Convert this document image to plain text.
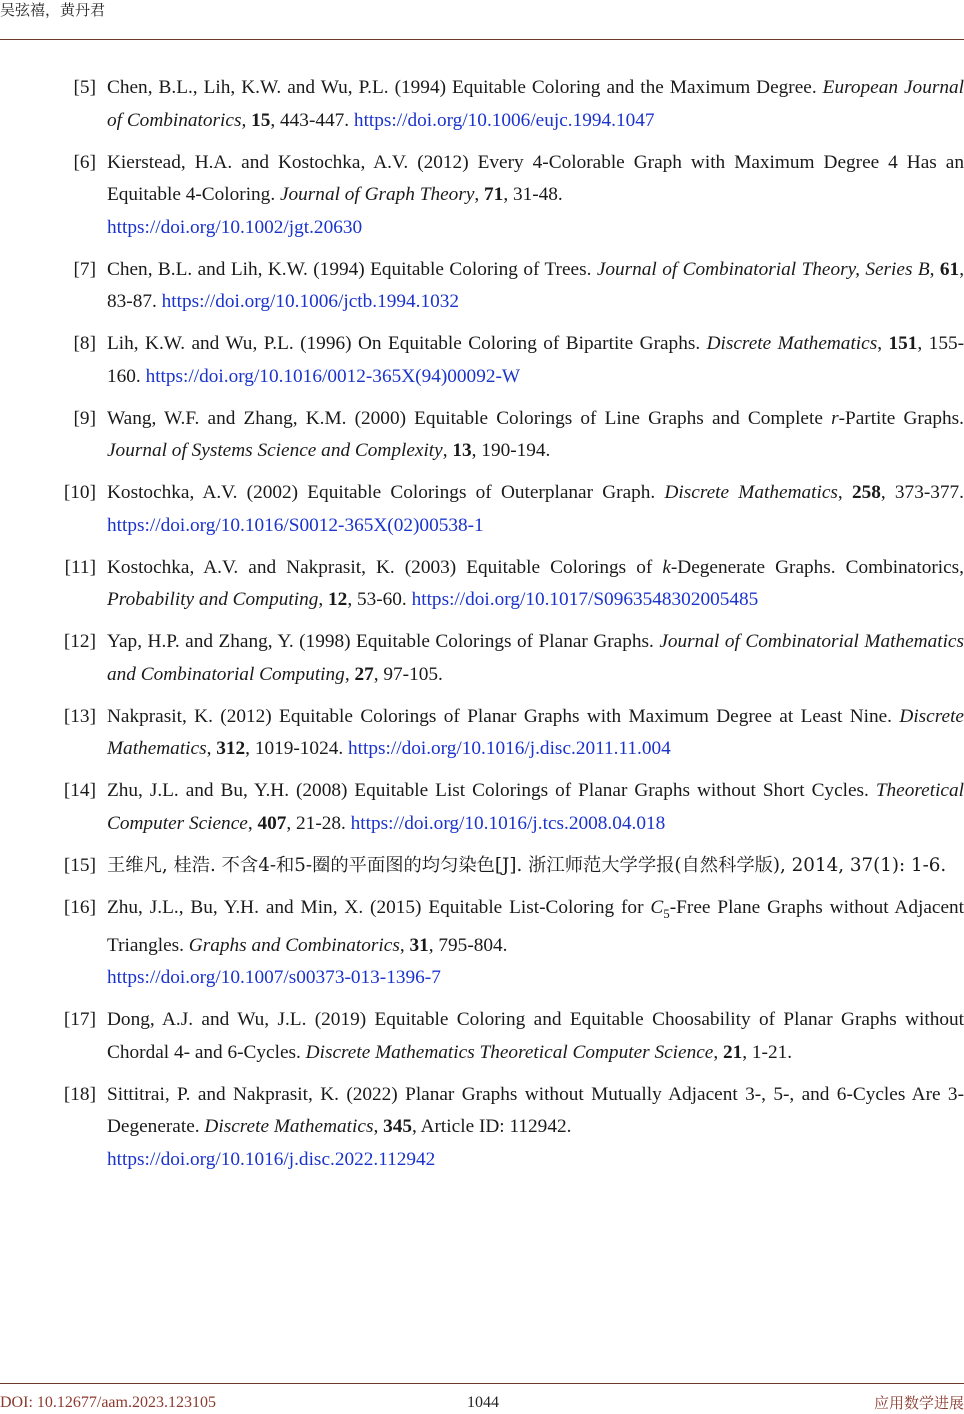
吴弦禧，黄丹君
[5] Chen, B.L., Lih, K.W. and Wu, P.L. (1994) Equitable Coloring and the Maximum Degree. European Journal of Combinatorics, 15, 443-447. https://doi.org/10.1006/eujc.1994.1047
[6] Kierstead, H.A. and Kostochka, A.V. (2012) Every 4-Colorable Graph with Maximum Degree 4 Has an Equitable 4-Coloring. Journal of Graph Theory, 71, 31-48.
https://doi.org/10.1002/jgt.20630
[7] Chen, B.L. and Lih, K.W. (1994) Equitable Coloring of Trees. Journal of Combinatorial Theory, Series B, 61, 83-87. https://doi.org/10.1006/jctb.1994.1032
[8] Lih, K.W. and Wu, P.L. (1996) On Equitable Coloring of Bipartite Graphs. Discrete Mathematics, 151, 155-160. https://doi.org/10.1016/0012-365X(94)00092-W
[9] Wang, W.F. and Zhang, K.M. (2000) Equitable Colorings of Line Graphs and Complete r-Partite Graphs. Journal of Systems Science and Complexity, 13, 190-194.
[10] Kostochka, A.V. (2002) Equitable Colorings of Outerplanar Graph. Discrete Mathematics, 258, 373-377. https://doi.org/10.1016/S0012-365X(02)00538-1
[11] Kostochka, A.V. and Nakprasit, K. (2003) Equitable Colorings of k-Degenerate Graphs. Combinatorics, Probability and Computing, 12, 53-60. https://doi.org/10.1017/S0963548302005485
[12] Yap, H.P. and Zhang, Y. (1998) Equitable Colorings of Planar Graphs. Journal of Combinatorial Mathematics and Combinatorial Computing, 27, 97-105.
[13] Nakprasit, K. (2012) Equitable Colorings of Planar Graphs with Maximum Degree at Least Nine. Discrete Mathematics, 312, 1019-1024. https://doi.org/10.1016/j.disc.2011.11.004
[14] Zhu, J.L. and Bu, Y.H. (2008) Equitable List Colorings of Planar Graphs without Short Cycles. Theoretical Computer Science, 407, 21-28. https://doi.org/10.1016/j.tcs.2008.04.018
[15] 王维凡, 桂浩. 不含4-和5-圈的平面图的均匀染色[J]. 浙江师范大学学报(自然科学版), 2014, 37(1): 1-6.
[16] Zhu, J.L., Bu, Y.H. and Min, X. (2015) Equitable List-Coloring for $C_5$-Free Plane Graphs without Adjacent Triangles. Graphs and Combinatorics, 31, 795-804.
https://doi.org/10.1007/s00373-013-1396-7
[17] Dong, A.J. and Wu, J.L. (2019) Equitable Coloring and Equitable Choosability of Planar Graphs without Chordal 4- and 6-Cycles. Discrete Mathematics Theoretical Computer Science, 21, 1-21.
[18] Sittitrai, P. and Nakprasit, K. (2022) Planar Graphs without Mutually Adjacent 3-, 5-, and 6-Cycles Are 3-Degenerate. Discrete Mathematics, 345, Article ID: 112942.
https://doi.org/10.1016/j.disc.2022.112942
DOI: 10.12677/aam.2023.123105	1044	应用数学进展
